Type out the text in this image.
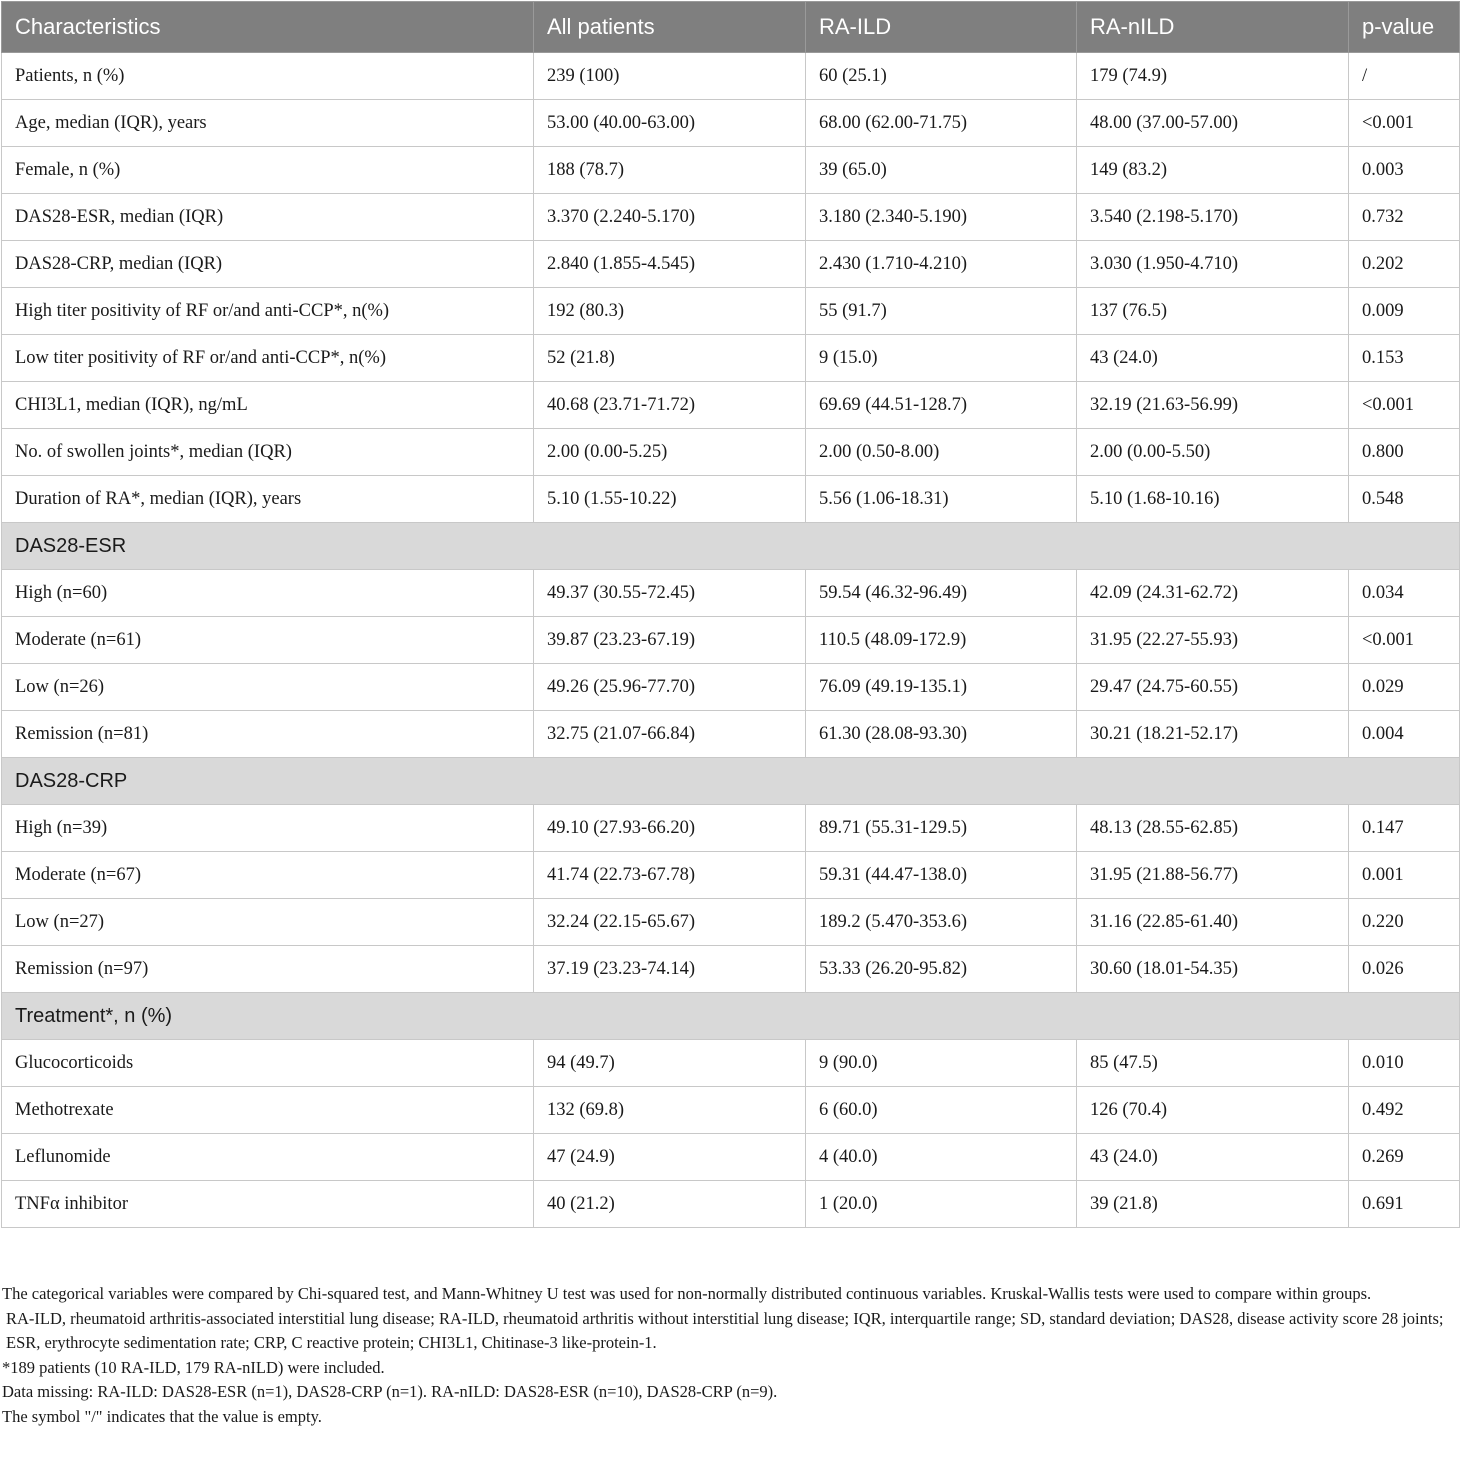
Characteristics	All patients	RA-ILD	RA-nILD	p-value
Patients, n (%)	239 (100)	60 (25.1)	179 (74.9)	/
Age, median (IQR), years	53.00 (40.00-63.00)	68.00 (62.00-71.75)	48.00 (37.00-57.00)	<0.001
Female, n (%)	188 (78.7)	39 (65.0)	149 (83.2)	0.003
DAS28-ESR, median (IQR)	3.370 (2.240-5.170)	3.180 (2.340-5.190)	3.540 (2.198-5.170)	0.732
DAS28-CRP, median (IQR)	2.840 (1.855-4.545)	2.430 (1.710-4.210)	3.030 (1.950-4.710)	0.202
High titer positivity of RF or/and anti-CCP*, n(%)	192 (80.3)	55 (91.7)	137 (76.5)	0.009
Low titer positivity of RF or/and anti-CCP*, n(%)	52 (21.8)	9 (15.0)	43 (24.0)	0.153
CHI3L1, median (IQR), ng/mL	40.68 (23.71-71.72)	69.69 (44.51-128.7)	32.19 (21.63-56.99)	<0.001
No. of swollen joints*, median (IQR)	2.00 (0.00-5.25)	2.00 (0.50-8.00)	2.00 (0.00-5.50)	0.800
Duration of RA*, median (IQR), years	5.10 (1.55-10.22)	5.56 (1.06-18.31)	5.10 (1.68-10.16)	0.548
DAS28-ESR				
High (n=60)	49.37 (30.55-72.45)	59.54 (46.32-96.49)	42.09 (24.31-62.72)	0.034
Moderate (n=61)	39.87 (23.23-67.19)	110.5 (48.09-172.9)	31.95 (22.27-55.93)	<0.001
Low (n=26)	49.26 (25.96-77.70)	76.09 (49.19-135.1)	29.47 (24.75-60.55)	0.029
Remission (n=81)	32.75 (21.07-66.84)	61.30 (28.08-93.30)	30.21 (18.21-52.17)	0.004
DAS28-CRP				
High (n=39)	49.10 (27.93-66.20)	89.71 (55.31-129.5)	48.13 (28.55-62.85)	0.147
Moderate (n=67)	41.74 (22.73-67.78)	59.31 (44.47-138.0)	31.95 (21.88-56.77)	0.001
Low (n=27)	32.24 (22.15-65.67)	189.2 (5.470-353.6)	31.16 (22.85-61.40)	0.220
Remission (n=97)	37.19 (23.23-74.14)	53.33 (26.20-95.82)	30.60 (18.01-54.35)	0.026
Treatment*, n (%)				
Glucocorticoids	94 (49.7)	9 (90.0)	85 (47.5)	0.010
Methotrexate	132 (69.8)	6 (60.0)	126 (70.4)	0.492
Leflunomide	47 (24.9)	4 (40.0)	43 (24.0)	0.269
TNFα inhibitor	40 (21.2)	1 (20.0)	39 (21.8)	0.691

The categorical variables were compared by Chi-squared test, and Mann-Whitney U test was used for non-normally distributed continuous variables. Kruskal-Wallis tests were used to compare within groups.

RA-ILD, rheumatoid arthritis-associated interstitial lung disease; RA-ILD, rheumatoid arthritis without interstitial lung disease; IQR, interquartile range; SD, standard deviation; DAS28, disease activity score 28 joints; ESR, erythrocyte sedimentation rate; CRP, C reactive protein; CHI3L1, Chitinase-3 like-protein-1.

*189 patients (10 RA-ILD, 179 RA-nILD) were included.

Data missing: RA-ILD: DAS28-ESR (n=1), DAS28-CRP (n=1). RA-nILD: DAS28-ESR (n=10), DAS28-CRP (n=9).

The symbol "/" indicates that the value is empty.
